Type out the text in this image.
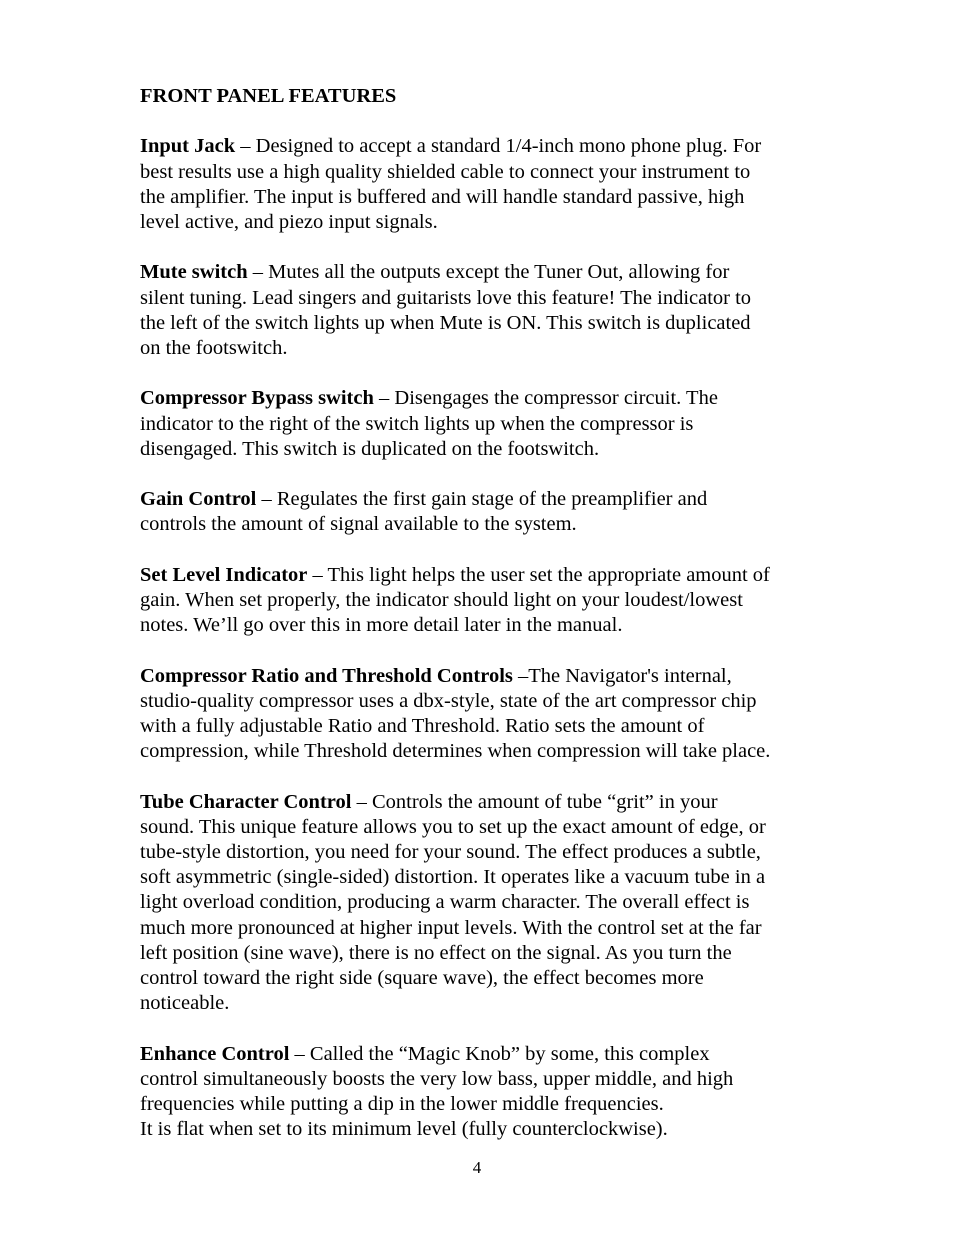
FRONT PANEL FEATURES
Input Jack – Designed to accept a standard 1/4-inch mono phone plug. For
best results use a high quality shielded cable to connect your instrument to
the amplifier. The input is buffered and will handle standard passive, high
level active, and piezo input signals.
Mute switch – Mutes all the outputs except the Tuner Out, allowing for
silent tuning. Lead singers and guitarists love this feature! The indicator to
the left of the switch lights up when Mute is ON. This switch is duplicated
on the footswitch.
Compressor Bypass switch – Disengages the compressor circuit. The
indicator to the right of the switch lights up when the compressor is
disengaged. This switch is duplicated on the footswitch.
Gain Control – Regulates the first gain stage of the preamplifier and
controls the amount of signal available to the system.
Set Level Indicator – This light helps the user set the appropriate amount of
gain. When set properly, the indicator should light on your loudest/lowest
notes. We’ll go over this in more detail later in the manual.
Compressor Ratio and Threshold Controls –The Navigator's internal,
studio-quality compressor uses a dbx-style, state of the art compressor chip
with a fully adjustable Ratio and Threshold. Ratio sets the amount of
compression, while Threshold determines when compression will take place.
Tube Character Control – Controls the amount of tube “grit” in your
sound. This unique feature allows you to set up the exact amount of edge, or
tube-style distortion, you need for your sound. The effect produces a subtle,
soft asymmetric (single-sided) distortion. It operates like a vacuum tube in a
light overload condition, producing a warm character. The overall effect is
much more pronounced at higher input levels. With the control set at the far
left position (sine wave), there is no effect on the signal. As you turn the
control toward the right side (square wave), the effect becomes more
noticeable.
Enhance Control – Called the “Magic Knob” by some, this complex
control simultaneously boosts the very low bass, upper middle, and high
frequencies while putting a dip in the lower middle frequencies.
It is flat when set to its minimum level (fully counterclockwise).
4
